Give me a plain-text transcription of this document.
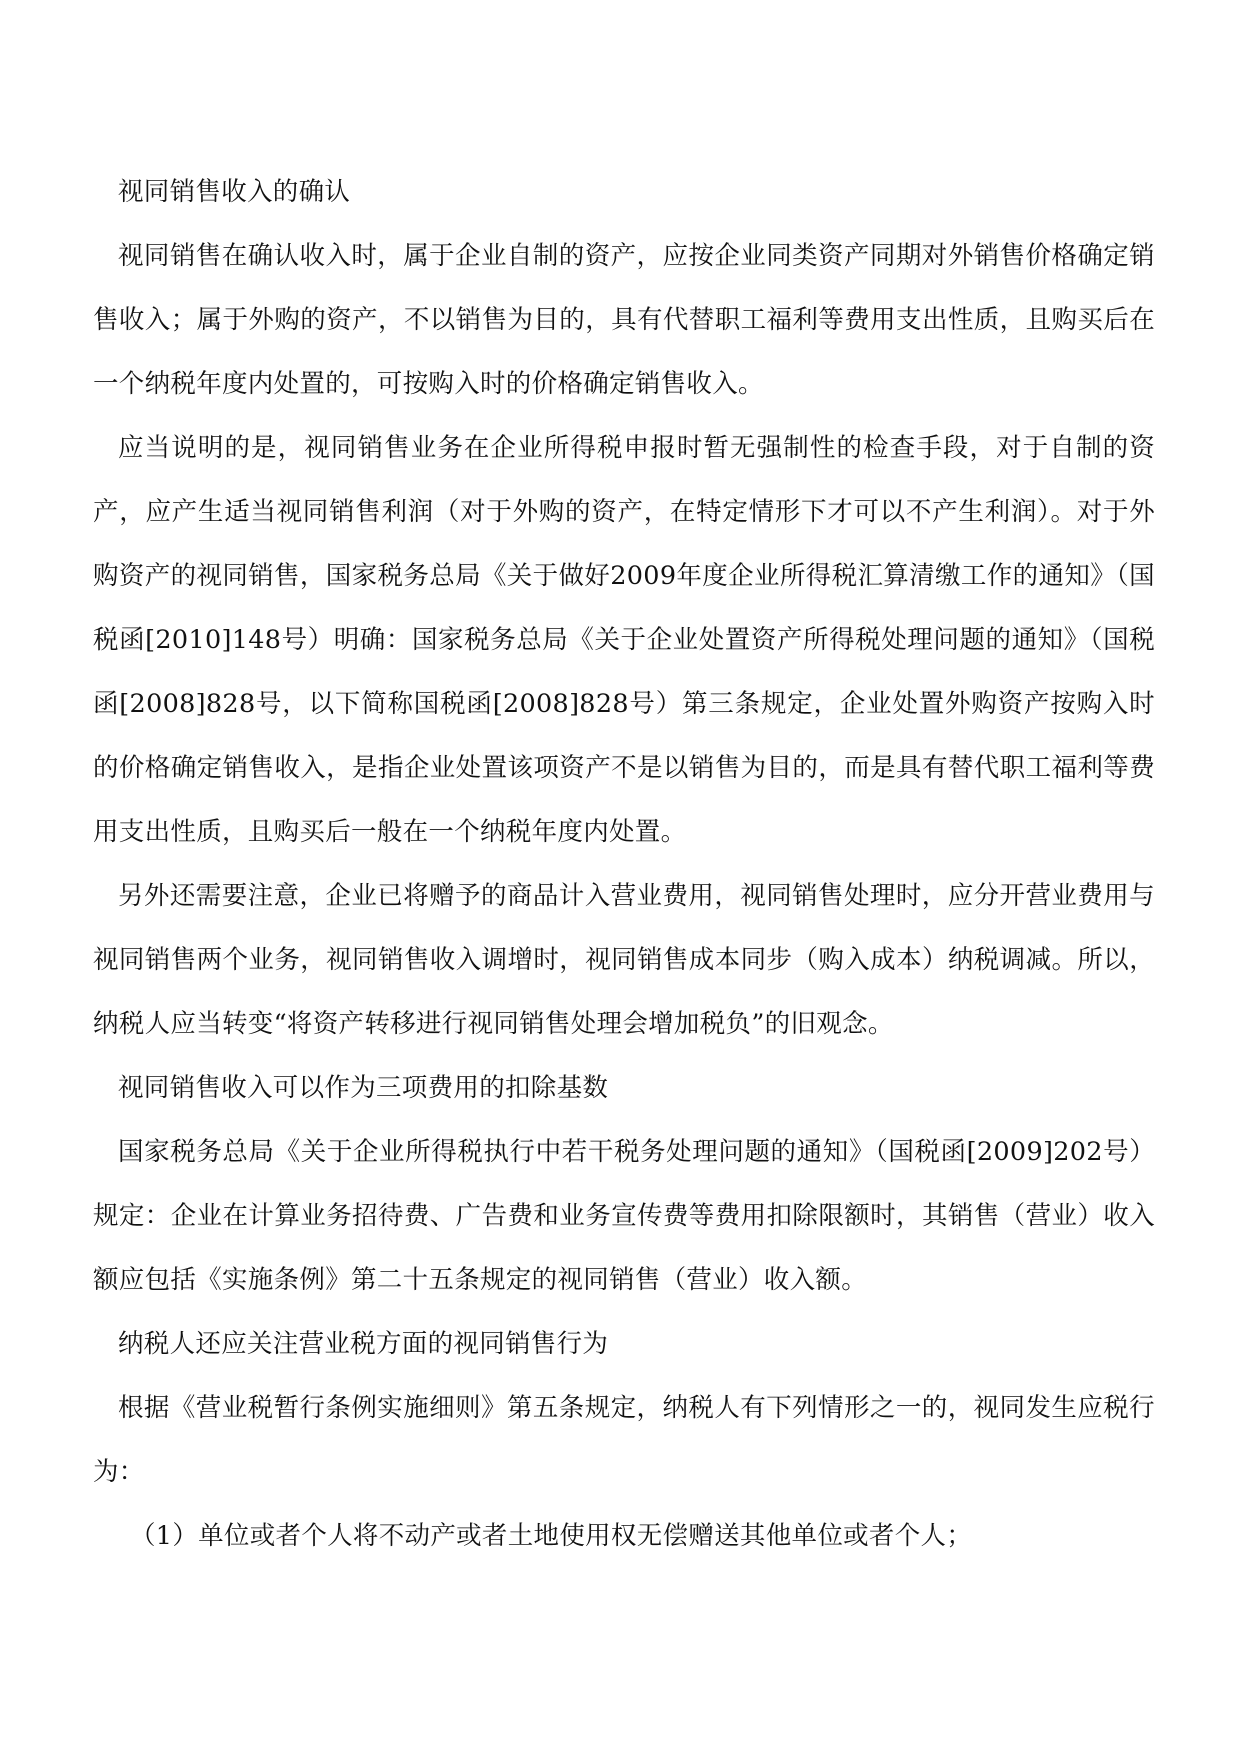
视同销售收入的确认

视同销售在确认收入时，属于企业自制的资产，应按企业同类资产同期对外销售价格确定销售收入；属于外购的资产，不以销售为目的，具有代替职工福利等费用支出性质，且购买后在一个纳税年度内处置的，可按购入时的价格确定销售收入。

应当说明的是，视同销售业务在企业所得税申报时暂无强制性的检查手段，对于自制的资产，应产生适当视同销售利润（对于外购的资产，在特定情形下才可以不产生利润）。对于外购资产的视同销售，国家税务总局《关于做好2009年度企业所得税汇算清缴工作的通知》（国税函[2010]148号）明确：国家税务总局《关于企业处置资产所得税处理问题的通知》（国税函[2008]828号，以下简称国税函[2008]828号）第三条规定，企业处置外购资产按购入时的价格确定销售收入，是指企业处置该项资产不是以销售为目的，而是具有替代职工福利等费用支出性质，且购买后一般在一个纳税年度内处置。

另外还需要注意，企业已将赠予的商品计入营业费用，视同销售处理时，应分开营业费用与视同销售两个业务，视同销售收入调增时，视同销售成本同步（购入成本）纳税调减。所以，纳税人应当转变“将资产转移进行视同销售处理会增加税负”的旧观念。

视同销售收入可以作为三项费用的扣除基数

国家税务总局《关于企业所得税执行中若干税务处理问题的通知》（国税函[2009]202号）规定：企业在计算业务招待费、广告费和业务宣传费等费用扣除限额时，其销售（营业）收入额应包括《实施条例》第二十五条规定的视同销售（营业）收入额。

纳税人还应关注营业税方面的视同销售行为

根据《营业税暂行条例实施细则》第五条规定，纳税人有下列情形之一的，视同发生应税行为：

（1）单位或者个人将不动产或者土地使用权无偿赠送其他单位或者个人；
